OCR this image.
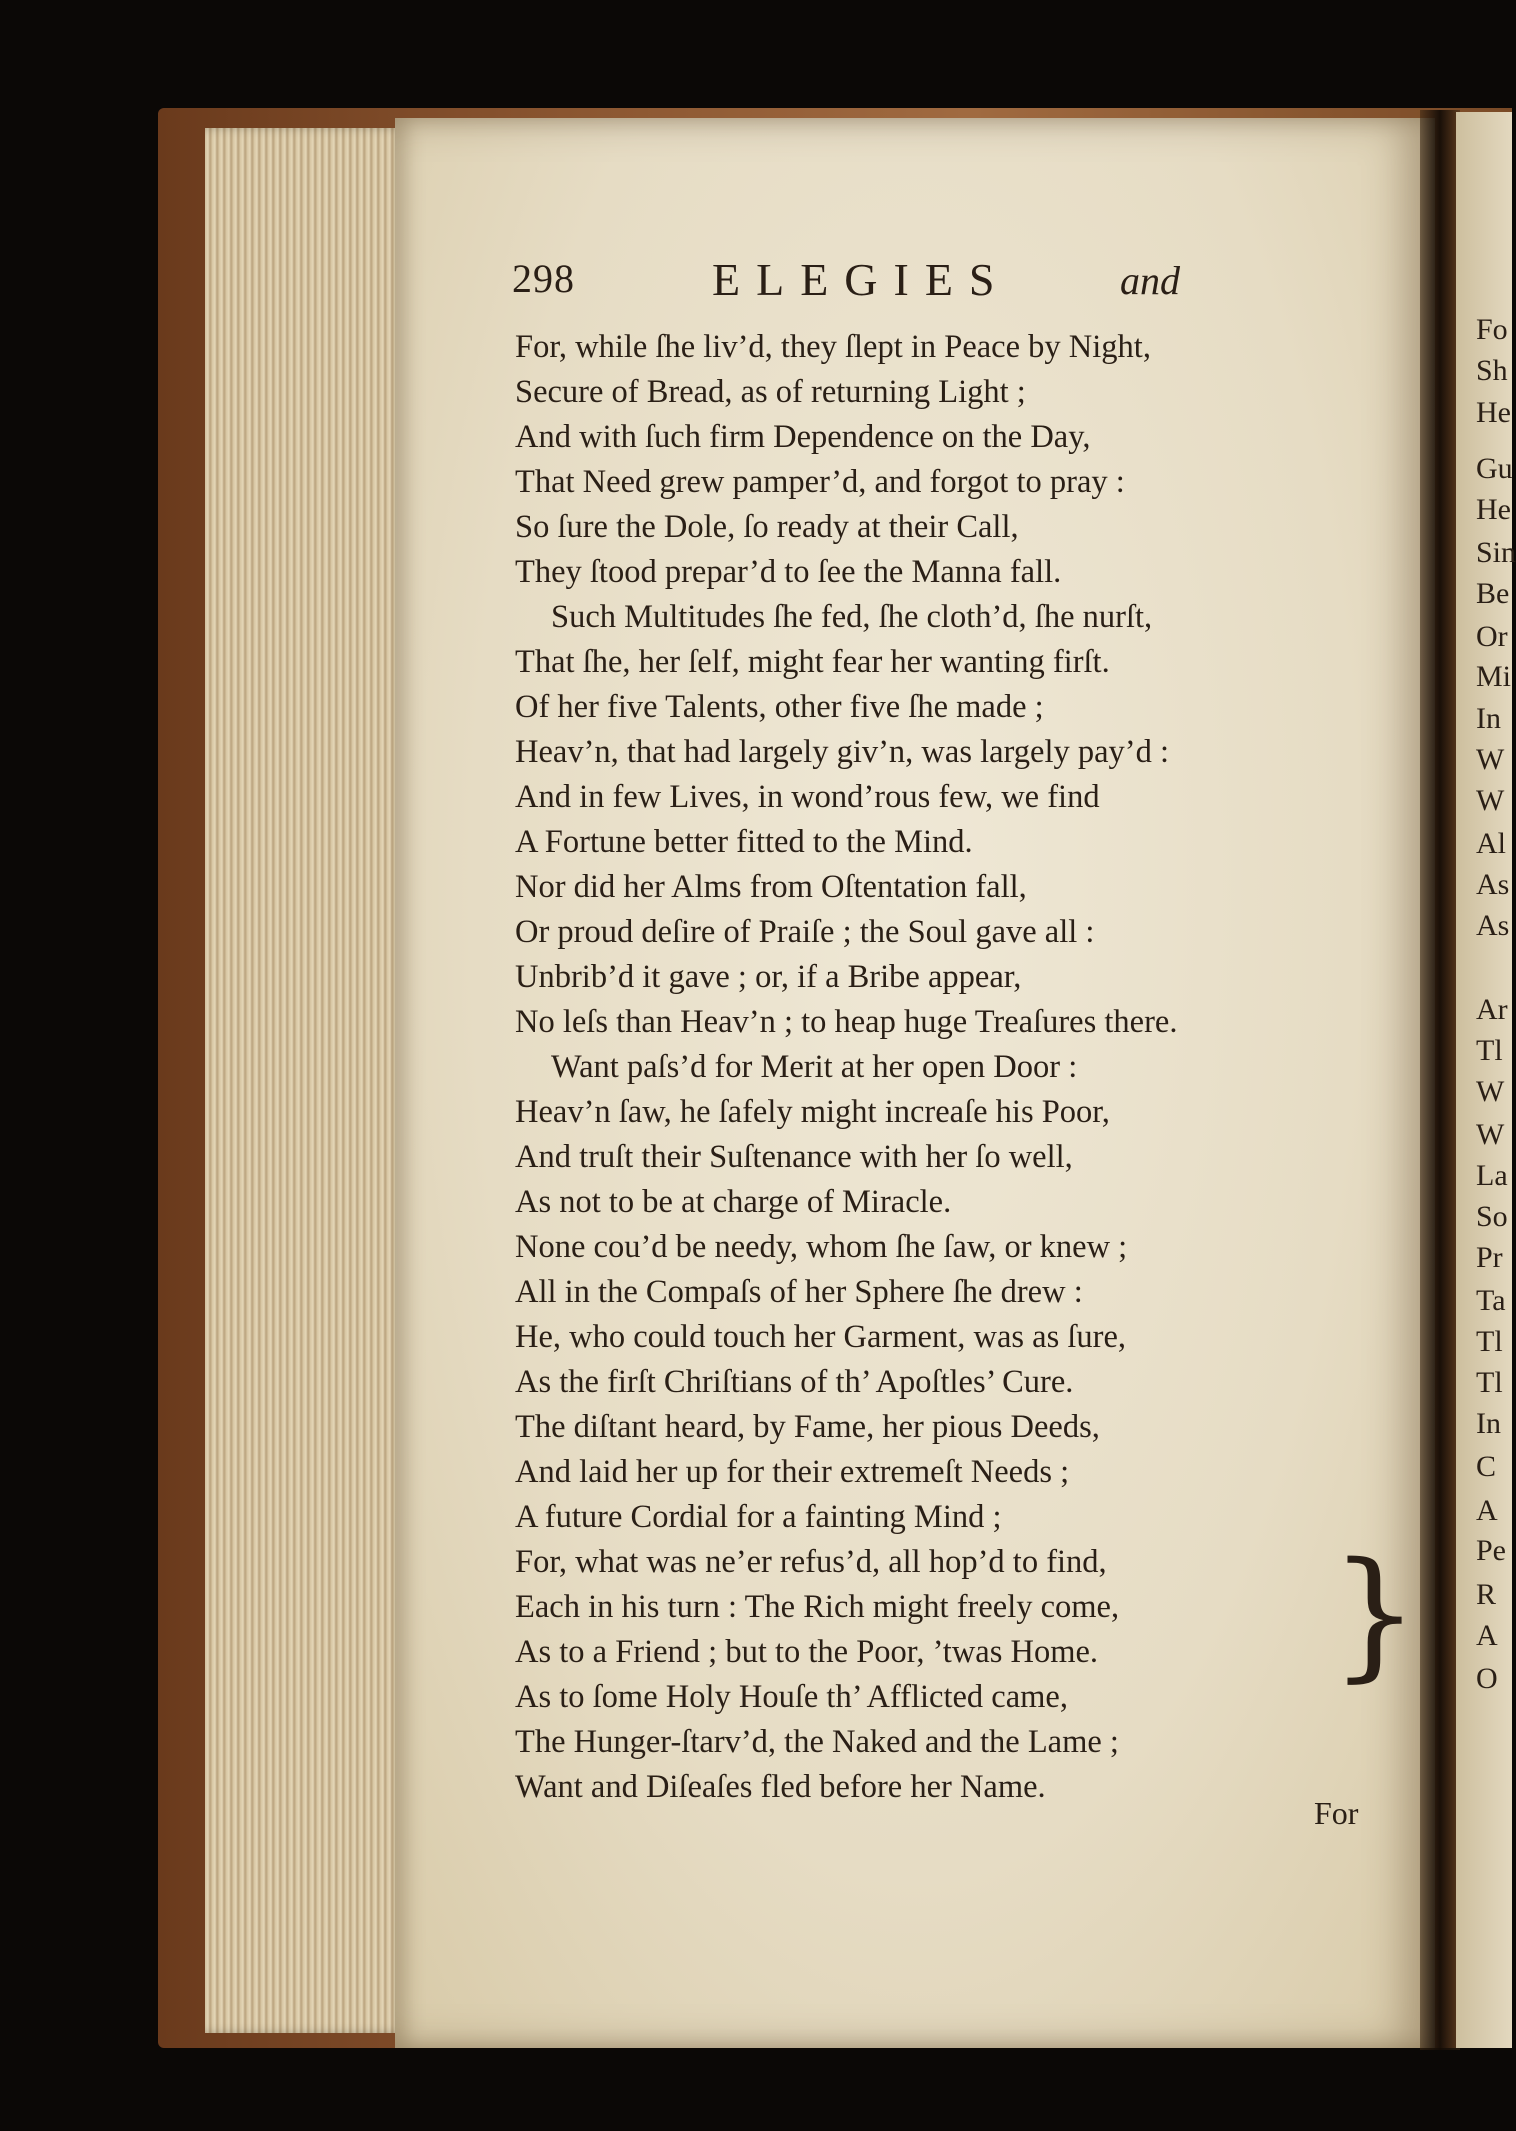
Fo
Sh
He
Gu
He
Sin
Be
Or
Mi
In
W
W
Al
As
As
Ar
Tl
W
W
La
So
Pr
Ta
Tl
Tl
In
C
A
Pe
R
A
O
298	ELEGIES	and
For, while ſhe liv’d, they ſlept in Peace by Night,
Secure of Bread, as of returning Light ;
And with ſuch firm Dependence on the Day,
That Need grew pamper’d, and forgot to pray :
So ſure the Dole, ſo ready at their Call,
They ſtood prepar’d to ſee the Manna fall.
Such Multitudes ſhe fed, ſhe cloth’d, ſhe nurſt,
That ſhe, her ſelf, might fear her wanting firſt.
Of her five Talents, other five ſhe made ;
Heav’n, that had largely giv’n, was largely pay’d :
And in few Lives, in wond’rous few, we find
A Fortune better fitted to the Mind.
Nor did her Alms from Oſtentation fall,
Or proud deſire of Praiſe ; the Soul gave all :
Unbrib’d it gave ; or, if a Bribe appear,
No leſs than Heav’n ; to heap huge Treaſures there.
Want paſs’d for Merit at her open Door :
Heav’n ſaw, he ſafely might increaſe his Poor,
And truſt their Suſtenance with her ſo well,
As not to be at charge of Miracle.
None cou’d be needy, whom ſhe ſaw, or knew ;
All in the Compaſs of her Sphere ſhe drew :
He, who could touch her Garment, was as ſure,
As the firſt Chriſtians of th’ Apoſtles’ Cure.
The diſtant heard, by Fame, her pious Deeds,
And laid her up for their extremeſt Needs ;
A future Cordial for a fainting Mind ;
For, what was ne’er refus’d, all hop’d to find,
Each in his turn : The Rich might freely come,
As to a Friend ; but to the Poor, ’twas Home.
As to ſome Holy Houſe th’ Afflicted came,
The Hunger-ſtarv’d, the Naked and the Lame ;
Want and Diſeaſes fled before her Name.
}
For
